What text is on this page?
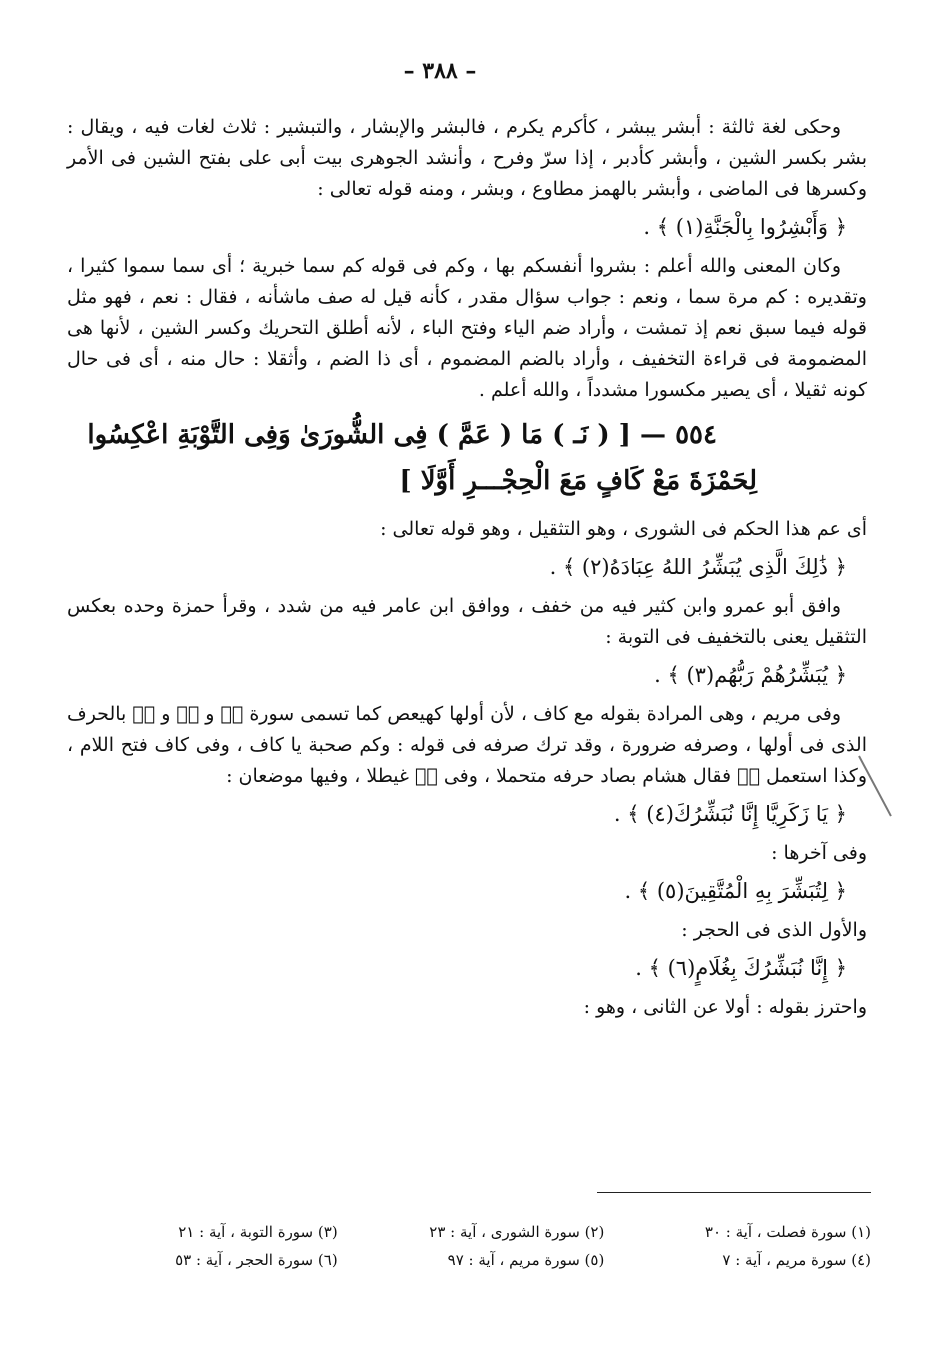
– ٣٨٨ –

وحكى لغة ثالثة : أبشر يبشر ، كأكرم يكرم ، فالبشر والإبشار ، والتبشير : ثلاث لغات فيه ، ويقال : بشر بكسر الشين ، وأبشر كأدبر ، إذا سرّ وفرح ، وأنشد الجوهرى بيت أبى على بفتح الشين فى الأمر وكسرها فى الماضى ، وأبشر بالهمز مطاوع ، وبشر ، ومنه قوله تعالى :

﴿ وَأَبْشِرُوا بِالْجَنَّةِ(١) ﴾ .

وكان المعنى والله أعلم : بشروا أنفسكم بها ، وكم فى قوله كم سما خبرية ؛ أى سما سموا كثيرا ، وتقديره : كم مرة سما ، ونعم : جواب سؤال مقدر ، كأنه قيل له صف ماشأنه ، فقال : نعم ، فهو مثل قوله فيما سبق نعم إذ تمشت ، وأراد ضم الياء وفتح الباء ، لأنه أطلق التحريك وكسر الشين ، لأنها هى المضمومة فى قراءة التخفيف ، وأراد بالضم المضموم ، أى ذا الضم ، وأثقلا : حال منه ، أى فى حال كونه ثقيلا ، أى يصير مكسورا مشدداً ، والله أعلم .

٥٥٤ — [ ( نَـ ) مَا ( عَمَّ ) فِى الشُّورَىٰ وَفِى التَّوْبَةِ اعْكِسُوا
لِحَمْزَةَ مَعْ كَافٍ مَعَ الْحِجْـــرِ أَوَّلَا ]

أى عم هذا الحكم فى الشورى ، وهو التثقيل ، وهو قوله تعالى :

﴿ ذَٰلِكَ الَّذِى يُبَشِّرُ اللهُ عِبَادَهُ(٢) ﴾ .

وافق أبو عمرو وابن كثير فيه من خفف ، ووافق ابن عامر فيه من شدد ، وقرأ حمزة وحده بعكس التثقيل يعنى بالتخفيف فى التوبة :

﴿ يُبَشِّرُهُمْ رَبُّهُم(٣) ﴾ .

وفى مريم ، وهى المرادة بقوله مع كاف ، لأن أولها كهيعص كما تسمى سورة صۤ و قۤ و نۤ بالحرف الذى فى أولها ، وصرفه ضرورة ، وقد ترك صرفه فى قوله : وكم صحبة يا كاف ، وفى كاف فتح اللام ، وكذا استعمل صۤ فقال هشام بصاد حرفه متحملا ، وفى صۤ غيطلا ، وفيها موضعان :

﴿ يَا زَكَرِيَّا إِنَّا نُبَشِّرُكَ(٤) ﴾ .

وفى آخرها :

﴿ لِتُبَشِّرَ بِهِ الْمُتَّقِينَ(٥) ﴾ .

والأول الذى فى الحجر :

﴿ إِنَّا نُبَشِّرُكَ بِغُلَامٍ(٦) ﴾ .

واحترز بقوله : أولا عن الثانى ، وهو :

(١) سورة فصلت ، آية : ٣٠
(٢) سورة الشورى ، آية : ٢٣
(٣) سورة التوبة ، آية : ٢١
(٤) سورة مريم ، آية : ٧
(٥) سورة مريم ، آية : ٩٧
(٦) سورة الحجر ، آية : ٥٣
